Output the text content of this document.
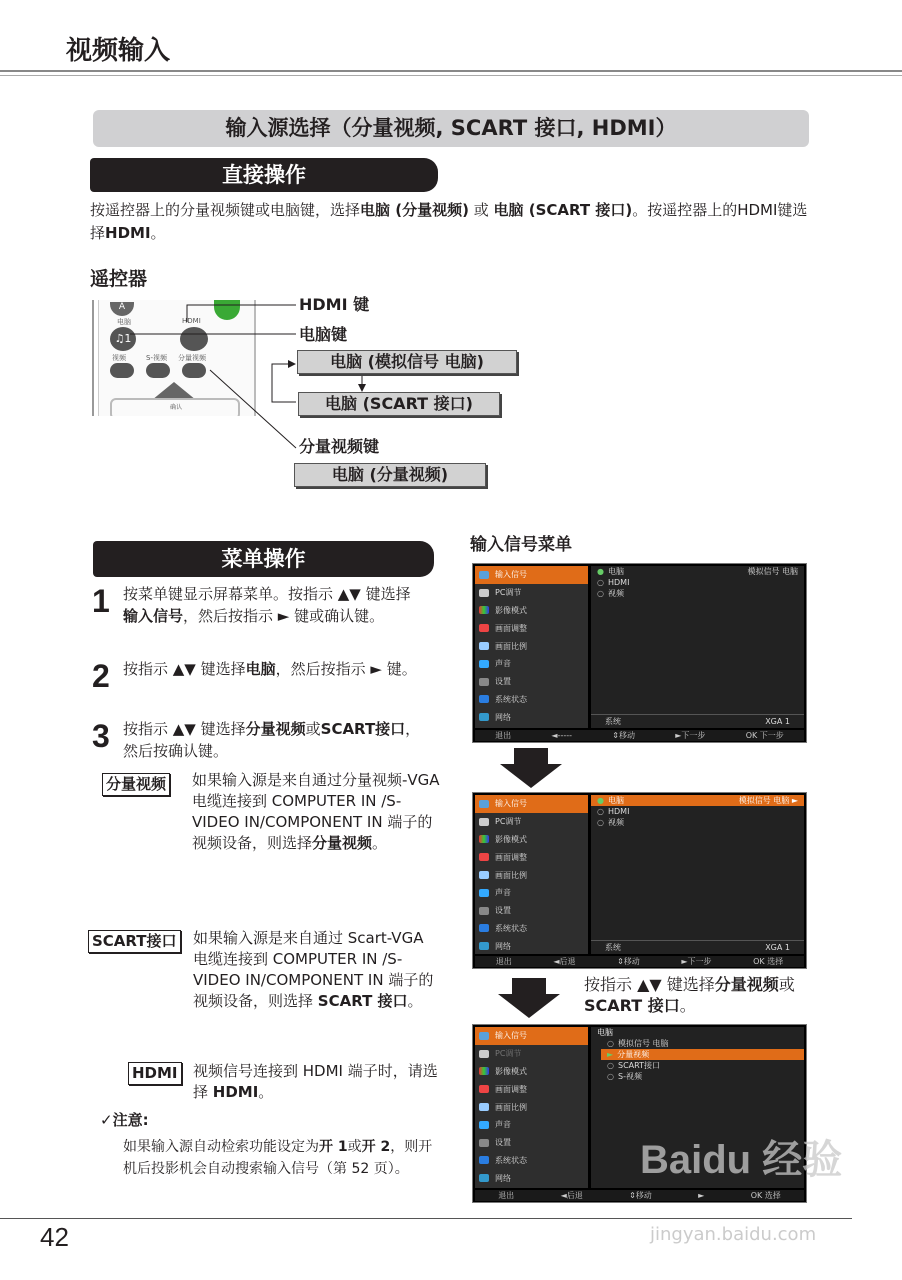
视频输入
输入源选择（分量视频, SCART 接口, HDMI）
直接操作
按遥控器上的分量视频键或电脑键，选择电脑 (分量视频) 或 电脑 (SCART 接口)。按遥控器上的HDMI键选择HDMI。
遥控器
A
电脑	HDMI
♫1
视频	S-视频 分量视频
确认
HDMI 键
电脑键
电脑 (模拟信号 电脑)
电脑 (SCART 接口)
分量视频键
电脑 (分量视频)
菜单操作
1 按菜单键显示屏幕菜单。按指示 ▲▼ 键选择输入信号，然后按指示 ► 键或确认键。
2 按指示 ▲▼ 键选择电脑，然后按指示 ► 键。
3 按指示 ▲▼ 键选择分量视频或SCART接口，然后按确认键。
分量视频 如果输入源是来自通过分量视频-VGA 电缆连接到 COMPUTER IN /S-VIDEO IN/COMPONENT IN 端子的视频设备，则选择分量视频。
SCART接口 如果输入源是来自通过 Scart-VGA 电缆连接到 COMPUTER IN /S-VIDEO IN/COMPONENT IN 端子的视频设备，则选择 SCART 接口。
HDMI 视频信号连接到 HDMI 端子时，请选择 HDMI。
✓注意:
如果输入源自动检索功能设定为开 1或开 2，则开机后投影机会自动搜索输入信号（第 52 页）。
输入信号菜单
输入信号
PC调节
影像模式
画面调整
画面比例
声音
设置
系统状态
网络
● 电脑	模拟信号 电脑
○ HDMI
○ 视频
系统	XGA 1
退出	◄-----	⇕移动	►下一步	OK 下一步
输入信号
PC调节
影像模式
画面调整
画面比例
声音
设置
系统状态
网络
● 电脑	模拟信号 电脑 ►
○ HDMI
○ 视频
系统	XGA 1
退出	◄后退	⇕移动	►下一步	OK 选择
按指示 ▲▼ 键选择分量视频或 SCART 接口。
输入信号
PC调节
影像模式
画面调整
画面比例
声音
设置
系统状态
网络
电脑
○ 模拟信号 电脑
► 分量视频
○ SCART接口
○ S-视频
退出	◄后退	⇕移动	►	OK 选择
Baidu 经验
jingyan.baidu.com
42
